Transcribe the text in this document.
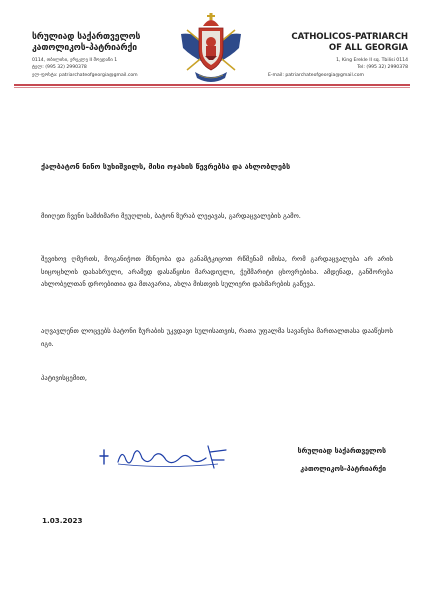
სრულიად საქართველოს
კათოლიკოს-პატრიარქი
0114, თბილისი, ერეკლე II მოედანი 1
ტელ: (995 32) 2990378
CATHOLICOS-PATRIARCH
OF ALL GEORGIA
1, King Erekle II sq. Tbilisi 0114
Tel: (995 32) 2990378
ელ-ფოსტა: patriarchateofgeorgia@gmail.com	E-mail: patriarchateofgeorgia@gmail.com
ქალბატონ ნინო სუხიშვილს, მისი ოჯახის წევრებსა და ახლობლებს
მიიღეთ ჩვენი სამძიმარი მეუღლის, ბატონ ზურაბ ლეჟავას, გარდაცვალების გამო.
შევიხოვ ღმერთს, მოგანიჭოთ მხნეობა და განამტკიცოთ რწმენამ იმისა, რომ გარდაცვალება არ არის სიცოცხლის დასასრული, არამედ დასაწყისი მარადიული, ჭეშმარიტი ცხოვრებისა. ამდენად, განშორება ახლობელთან დროებითია და მთავარია, ახლა მისთვის სულიერი დახმარების გაწევა.
აღვავლენთ ლოცვებს ბატონი ზურაბის უკვდავი სულისათვის, რათა უფალმა სავანესა მართალთასა დააწესოს იგი.
პატივისცემით,
სრულიად საქართველოს
კათოლიკოს-პატრიარქი
1.03.2023
